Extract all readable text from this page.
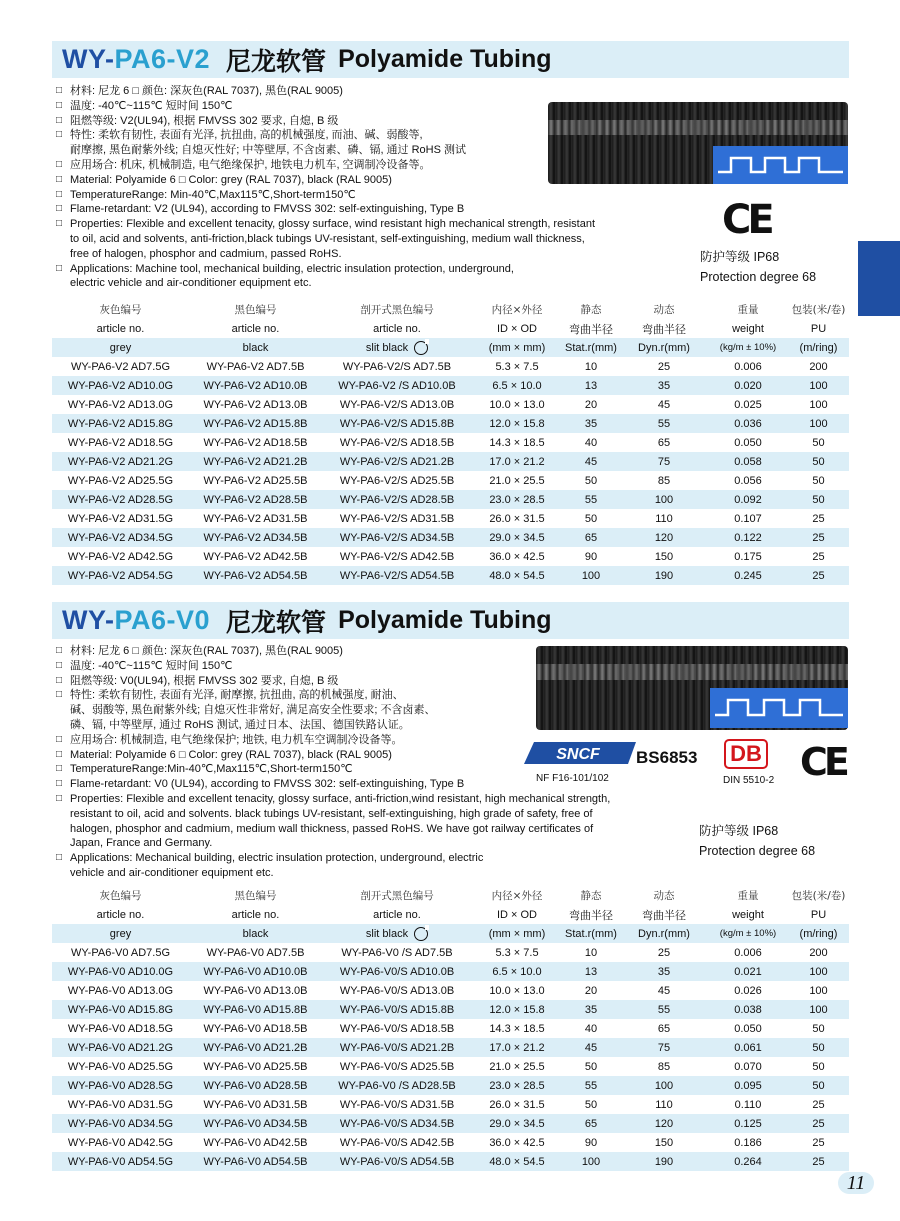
WY-PA6-V2 尼龙软管 Polyamide Tubing
□ 材料: 尼龙 6 □ 颜色: 深灰色(RAL 7037), 黑色(RAL 9005)
□ 温度: -40℃~115℃ 短时间 150℃
□ 阻燃等级: V2(UL94), 根据 FMVSS 302 要求, 自熄, B 级
□ 特性: 柔软有韧性, 表面有光泽, 抗扭曲, 高的机械强度, 而油、碱、弱酸等,
耐摩擦, 黑色耐紫外线; 自熄灭性好; 中等壁厚, 不含卤素、磷、镉, 通过 RoHS 测试
□ 应用场合: 机床, 机械制造, 电气绝缘保护, 地铁电力机车, 空调制冷设备等。
□ Material: Polyamide 6 □ Color: grey (RAL 7037), black (RAL 9005)
□ TemperatureRange: Min-40℃,Max115℃,Short-term150℃
□ Flame-retardant: V2 (UL94), according to FMVSS 302: self-extinguishing, Type B
□ Properties: Flexible and excellent tenacity, glossy surface, wind resistant high mechanical strength, resistant
to oil, acid and solvents, anti-friction,black tubings UV-resistant, self-extinguishing, medium wall thickness,
free of halogen, phosphor and cadmium, passed RoHS.
□ Applications: Machine tool, mechanical building, electric insulation protection, underground,
electric vehicle and air-conditioner equipment etc.
CE
防护等级 IP68
Protection degree 68
灰色编号	黑色编号	剖开式黑色编号	内径×外径	静态	动态	重量	包装(米/卷)
article no.	article no.	article no.	ID × OD	弯曲半径	弯曲半径	weight	PU
grey	black	slit black	(mm × mm)	Stat.r(mm)	Dyn.r(mm)	(kg/m ± 10%)	(m/ring)
WY-PA6-V2 AD7.5G	WY-PA6-V2 AD7.5B	WY-PA6-V2/S AD7.5B	5.3 × 7.5	10	25	0.006	200
WY-PA6-V2 AD10.0G	WY-PA6-V2 AD10.0B	WY-PA6-V2 /S AD10.0B	6.5 × 10.0	13	35	0.020	100
WY-PA6-V2 AD13.0G	WY-PA6-V2 AD13.0B	WY-PA6-V2/S AD13.0B	10.0 × 13.0	20	45	0.025	100
WY-PA6-V2 AD15.8G	WY-PA6-V2 AD15.8B	WY-PA6-V2/S AD15.8B	12.0 × 15.8	35	55	0.036	100
WY-PA6-V2 AD18.5G	WY-PA6-V2 AD18.5B	WY-PA6-V2/S AD18.5B	14.3 × 18.5	40	65	0.050	50
WY-PA6-V2 AD21.2G	WY-PA6-V2 AD21.2B	WY-PA6-V2/S AD21.2B	17.0 × 21.2	45	75	0.058	50
WY-PA6-V2 AD25.5G	WY-PA6-V2 AD25.5B	WY-PA6-V2/S AD25.5B	21.0 × 25.5	50	85	0.056	50
WY-PA6-V2 AD28.5G	WY-PA6-V2 AD28.5B	WY-PA6-V2/S AD28.5B	23.0 × 28.5	55	100	0.092	50
WY-PA6-V2 AD31.5G	WY-PA6-V2 AD31.5B	WY-PA6-V2/S AD31.5B	26.0 × 31.5	50	110	0.107	25
WY-PA6-V2 AD34.5G	WY-PA6-V2 AD34.5B	WY-PA6-V2/S AD34.5B	29.0 × 34.5	65	120	0.122	25
WY-PA6-V2 AD42.5G	WY-PA6-V2 AD42.5B	WY-PA6-V2/S AD42.5B	36.0 × 42.5	90	150	0.175	25
WY-PA6-V2 AD54.5G	WY-PA6-V2 AD54.5B	WY-PA6-V2/S AD54.5B	48.0 × 54.5	100	190	0.245	25
WY-PA6-V0 尼龙软管 Polyamide Tubing
□ 材料: 尼龙 6 □ 颜色: 深灰色(RAL 7037), 黑色(RAL 9005)
□ 温度: -40℃~115℃ 短时间 150℃
□ 阻燃等级: V0(UL94), 根据 FMVSS 302 要求, 自熄, B 级
□ 特性: 柔软有韧性, 表面有光泽, 耐摩擦, 抗扭曲, 高的机械强度, 耐油、
碱、弱酸等, 黑色耐紫外线; 自熄灭性非常好, 满足高安全性要求; 不含卤素、
磷、镉, 中等壁厚, 通过 RoHS 测试, 通过日本、法国、德国铁路认证。
□ 应用场合: 机械制造, 电气绝缘保护; 地铁, 电力机车空调制冷设备等。
□ Material: Polyamide 6 □ Color: grey (RAL 7037), black (RAL 9005)
□ TemperatureRange:Min-40℃,Max115℃,Short-term150℃
□ Flame-retardant: V0 (UL94), according to FMVSS 302: self-extinguishing, Type B
□ Properties: Flexible and excellent tenacity, glossy surface, anti-friction,wind resistant, high mechanical strength,
resistant to oil, acid and solvents. black tubings UV-resistant, self-extinguishing, high grade of safety, free of
halogen, phosphor and cadmium, medium wall thickness, passed RoHS. We have got railway certificates of
Japan, France and Germany.
□ Applications: Mechanical building, electric insulation protection, underground, electric
vehicle and air-conditioner equipment etc.
SNCF
NF F16-101/102
BS6853 DB
DIN 5510-2 CE
防护等级 IP68
Protection degree 68
灰色编号	黑色编号	剖开式黑色编号	内径×外径	静态	动态	重量	包装(米/卷)
article no.	article no.	article no.	ID × OD	弯曲半径	弯曲半径	weight	PU
grey	black	slit black	(mm × mm)	Stat.r(mm)	Dyn.r(mm)	(kg/m ± 10%)	(m/ring)
WY-PA6-V0 AD7.5G	WY-PA6-V0 AD7.5B	WY-PA6-V0 /S AD7.5B	5.3 × 7.5	10	25	0.006	200
WY-PA6-V0 AD10.0G	WY-PA6-V0 AD10.0B	WY-PA6-V0/S AD10.0B	6.5 × 10.0	13	35	0.021	100
WY-PA6-V0 AD13.0G	WY-PA6-V0 AD13.0B	WY-PA6-V0/S AD13.0B	10.0 × 13.0	20	45	0.026	100
WY-PA6-V0 AD15.8G	WY-PA6-V0 AD15.8B	WY-PA6-V0/S AD15.8B	12.0 × 15.8	35	55	0.038	100
WY-PA6-V0 AD18.5G	WY-PA6-V0 AD18.5B	WY-PA6-V0/S AD18.5B	14.3 × 18.5	40	65	0.050	50
WY-PA6-V0 AD21.2G	WY-PA6-V0 AD21.2B	WY-PA6-V0/S AD21.2B	17.0 × 21.2	45	75	0.061	50
WY-PA6-V0 AD25.5G	WY-PA6-V0 AD25.5B	WY-PA6-V0/S AD25.5B	21.0 × 25.5	50	85	0.070	50
WY-PA6-V0 AD28.5G	WY-PA6-V0 AD28.5B	WY-PA6-V0 /S AD28.5B	23.0 × 28.5	55	100	0.095	50
WY-PA6-V0 AD31.5G	WY-PA6-V0 AD31.5B	WY-PA6-V0/S AD31.5B	26.0 × 31.5	50	110	0.110	25
WY-PA6-V0 AD34.5G	WY-PA6-V0 AD34.5B	WY-PA6-V0/S AD34.5B	29.0 × 34.5	65	120	0.125	25
WY-PA6-V0 AD42.5G	WY-PA6-V0 AD42.5B	WY-PA6-V0/S AD42.5B	36.0 × 42.5	90	150	0.186	25
WY-PA6-V0 AD54.5G	WY-PA6-V0 AD54.5B	WY-PA6-V0/S AD54.5B	48.0 × 54.5	100	190	0.264	25
11
